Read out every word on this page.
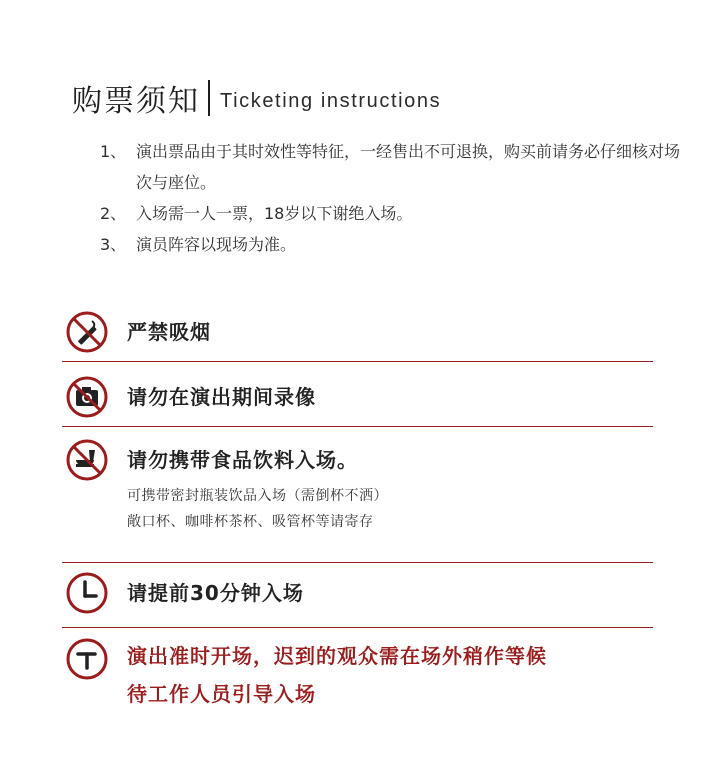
购票须知 Ticketing instructions
1、 演出票品由于其时效性等特征，一经售出不可退换，购买前请务必仔细核对场次与座位。
2、 入场需一人一票，18岁以下谢绝入场。
3、 演员阵容以现场为准。
严禁吸烟
请勿在演出期间录像
请勿携带食品饮料入场。
可携带密封瓶装饮品入场（需倒杯不洒）
敞口杯、咖啡杯茶杯、吸管杯等请寄存
请提前30分钟入场
演出准时开场，迟到的观众需在场外稍作等候
待工作人员引导入场
